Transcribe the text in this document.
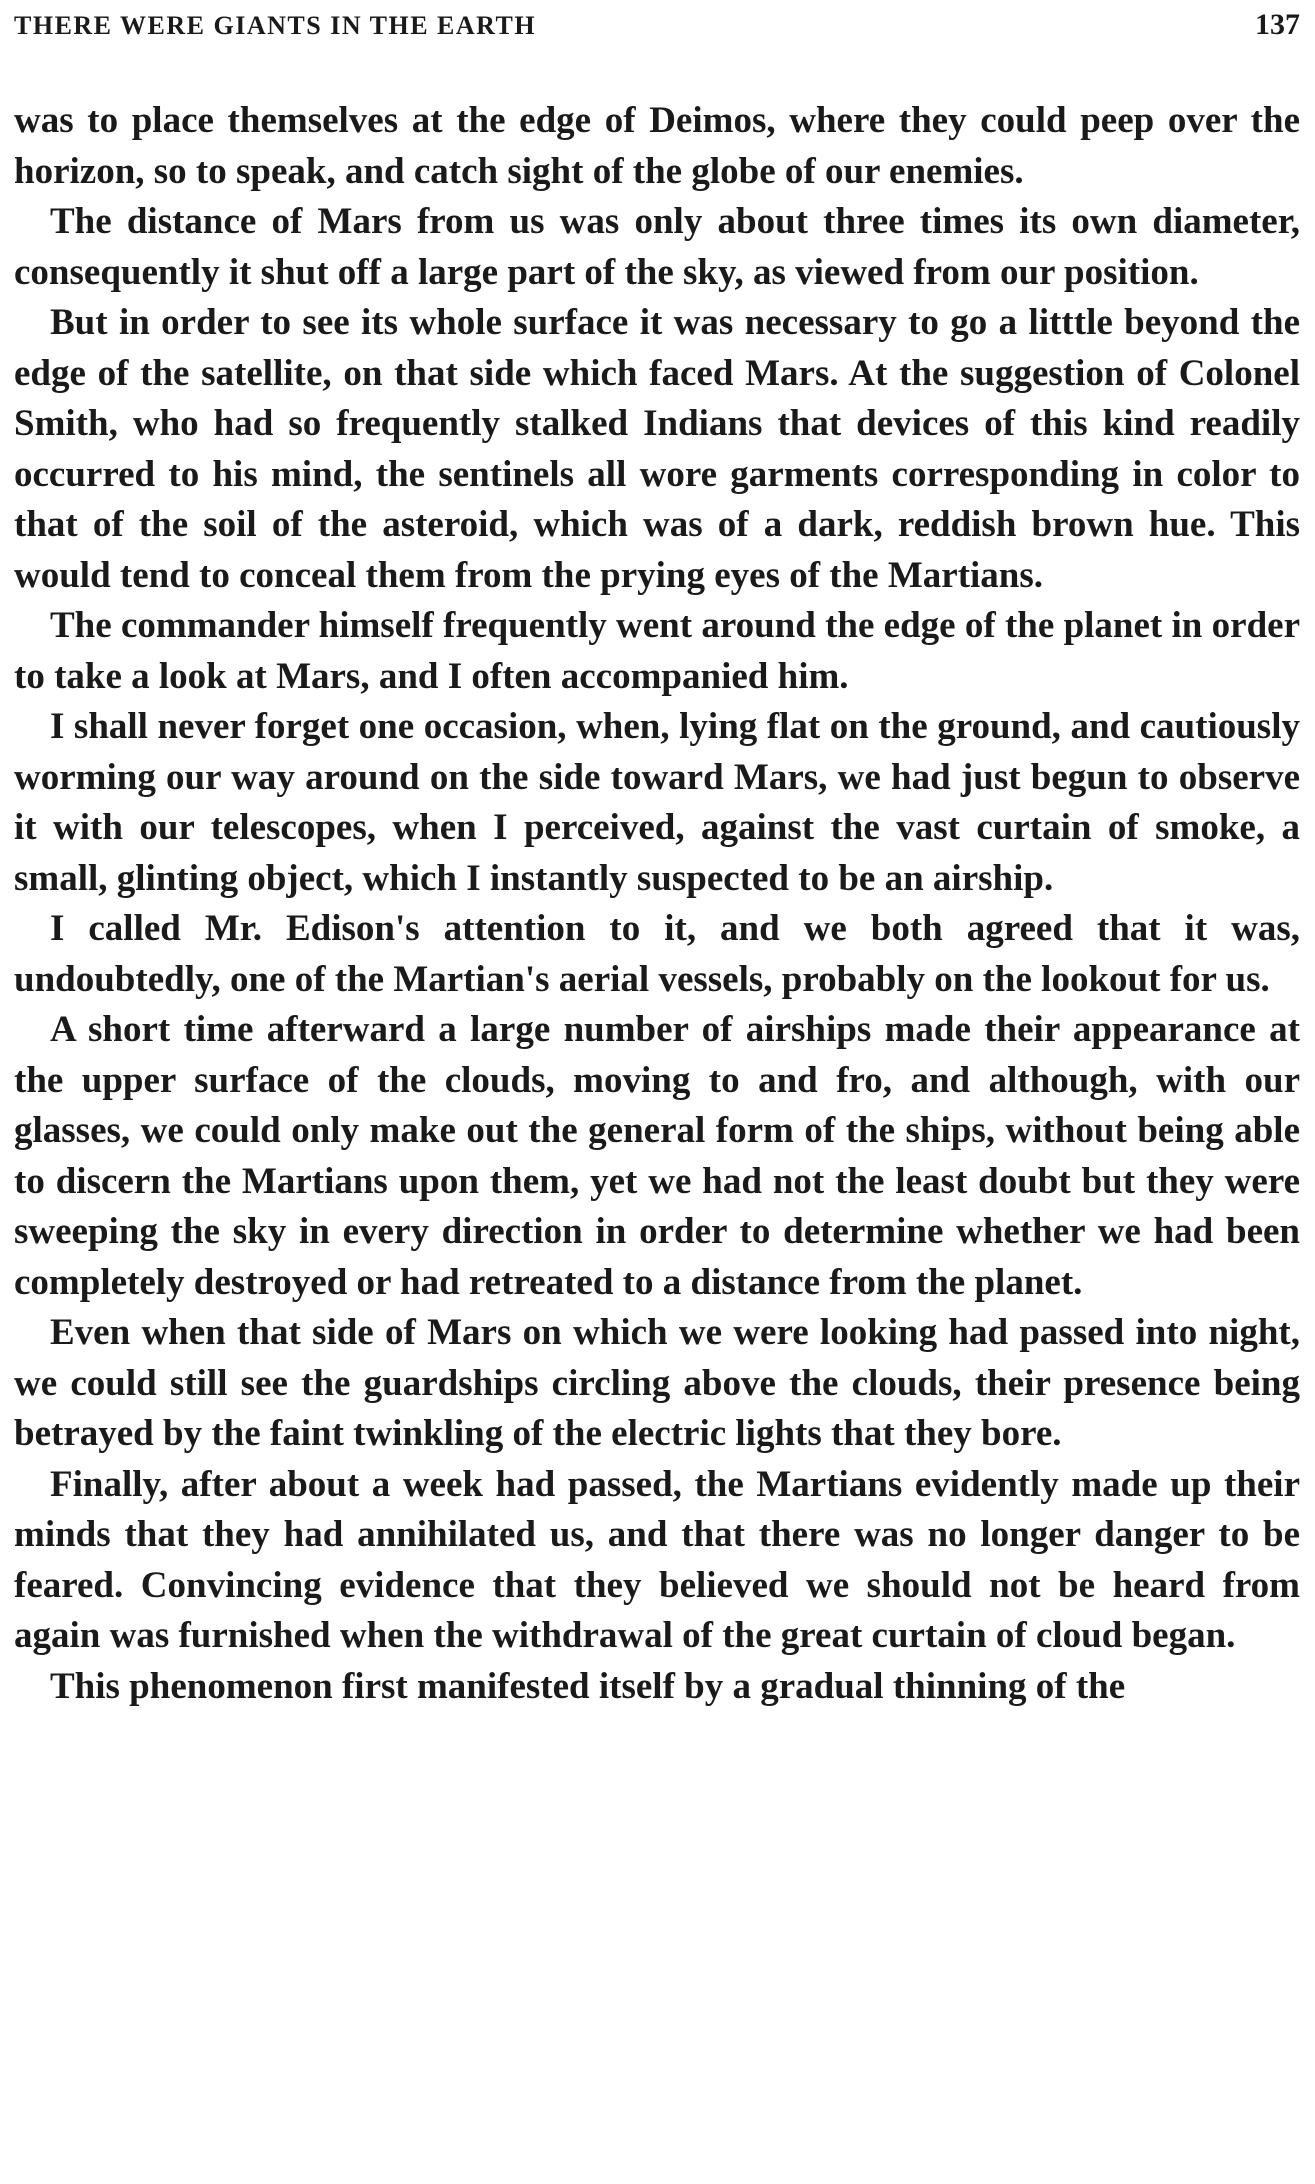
THERE WERE GIANTS IN THE EARTH	137

was to place themselves at the edge of Deimos, where they could peep over the horizon, so to speak, and catch sight of the globe of our enemies.

The distance of Mars from us was only about three times its own diameter, consequently it shut off a large part of the sky, as viewed from our position.

But in order to see its whole surface it was necessary to go a litttle beyond the edge of the satellite, on that side which faced Mars. At the suggestion of Colonel Smith, who had so frequently stalked Indians that devices of this kind readily occurred to his mind, the sentinels all wore garments corresponding in color to that of the soil of the asteroid, which was of a dark, reddish brown hue. This would tend to conceal them from the prying eyes of the Martians.

The commander himself frequently went around the edge of the planet in order to take a look at Mars, and I often accompanied him.

I shall never forget one occasion, when, lying flat on the ground, and cautiously worming our way around on the side toward Mars, we had just begun to observe it with our telescopes, when I perceived, against the vast curtain of smoke, a small, glinting object, which I instantly suspected to be an airship.

I called Mr. Edison's attention to it, and we both agreed that it was, undoubtedly, one of the Martian's aerial vessels, probably on the lookout for us.

A short time afterward a large number of airships made their appearance at the upper surface of the clouds, moving to and fro, and although, with our glasses, we could only make out the general form of the ships, without being able to discern the Martians upon them, yet we had not the least doubt but they were sweeping the sky in every direction in order to determine whether we had been completely destroyed or had retreated to a distance from the planet.

Even when that side of Mars on which we were looking had passed into night, we could still see the guardships circling above the clouds, their presence being betrayed by the faint twinkling of the electric lights that they bore.

Finally, after about a week had passed, the Martians evidently made up their minds that they had annihilated us, and that there was no longer danger to be feared. Convincing evidence that they believed we should not be heard from again was furnished when the withdrawal of the great curtain of cloud began.

This phenomenon first manifested itself by a gradual thinning of the
